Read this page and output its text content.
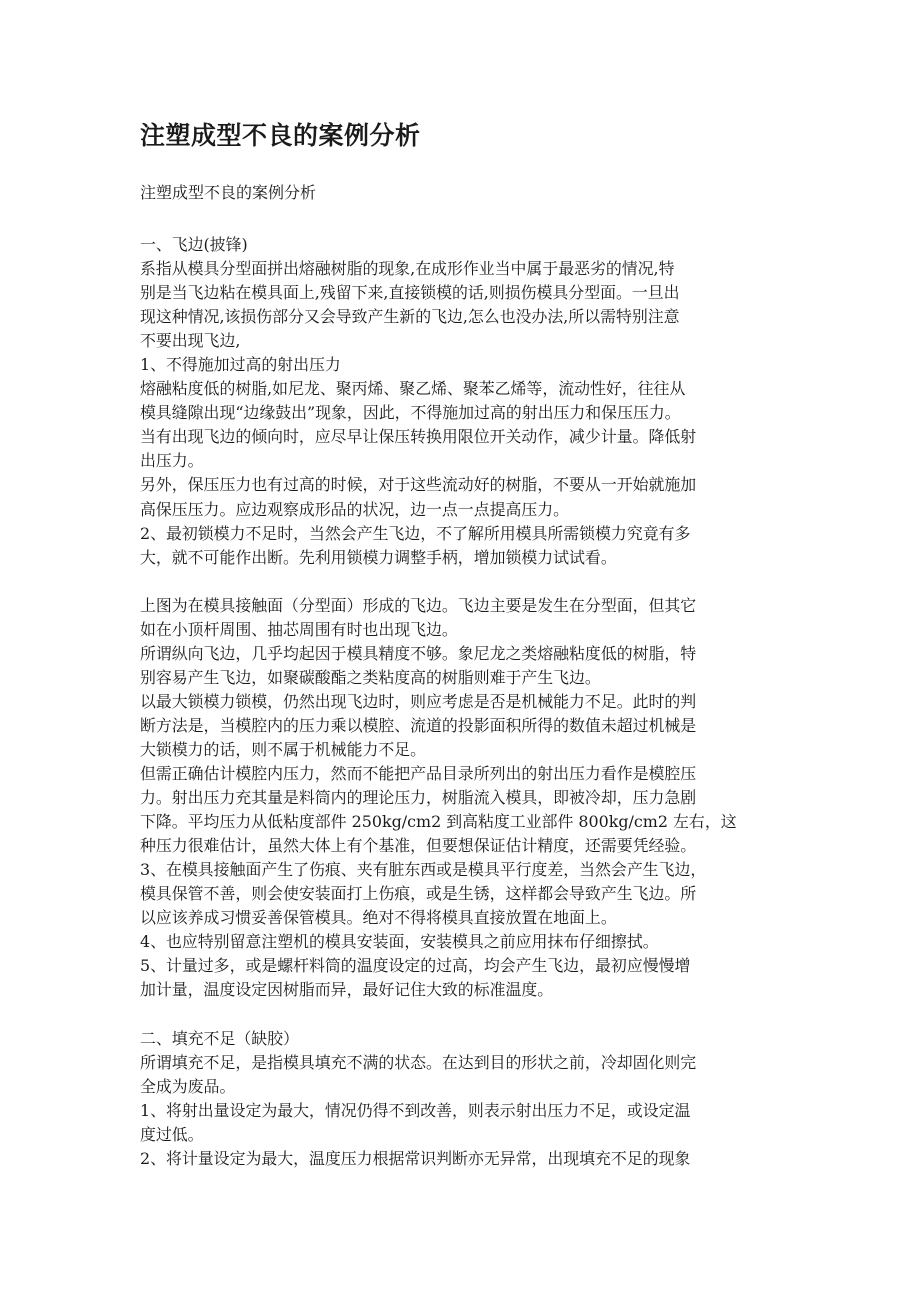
注塑成型不良的案例分析
注塑成型不良的案例分析
一、飞边(披锋)
系指从模具分型面拼出熔融树脂的现象,在成形作业当中属于最恶劣的情况,特
别是当飞边粘在模具面上,残留下来,直接锁模的话,则损伤模具分型面。一旦出
现这种情况,该损伤部分又会导致产生新的飞边,怎么也没办法,所以需特别注意
不要出现飞边,
1、不得施加过高的射出压力
熔融粘度低的树脂,如尼龙、聚丙烯、聚乙烯、聚苯乙烯等，流动性好，往往从
模具缝隙出现“边缘鼓出”现象，因此，不得施加过高的射出压力和保压压力。
当有出现飞边的倾向时，应尽早让保压转换用限位开关动作，减少计量。降低射
出压力。
另外，保压压力也有过高的时候，对于这些流动好的树脂，不要从一开始就施加
高保压压力。应边观察成形品的状况，边一点一点提高压力。
2、最初锁模力不足时，当然会产生飞边，不了解所用模具所需锁模力究竟有多
大，就不可能作出断。先利用锁模力调整手柄，增加锁模力试试看。
上图为在模具接触面（分型面）形成的飞边。飞边主要是发生在分型面，但其它
如在小顶杆周围、抽芯周围有时也出现飞边。
所谓纵向飞边，几乎均起因于模具精度不够。象尼龙之类熔融粘度低的树脂，特
别容易产生飞边，如聚碳酸酯之类粘度高的树脂则难于产生飞边。
以最大锁模力锁模，仍然出现飞边时，则应考虑是否是机械能力不足。此时的判
断方法是，当模腔内的压力乘以模腔、流道的投影面积所得的数值未超过机械是
大锁模力的话，则不属于机械能力不足。
但需正确估计模腔内压力，然而不能把产品目录所列出的射出压力看作是模腔压
力。射出压力充其量是料筒内的理论压力，树脂流入模具，即被冷却，压力急剧
下降。平均压力从低粘度部件 250kg/cm2 到高粘度工业部件 800kg/cm2 左右，这
种压力很难估计，虽然大体上有个基准，但要想保证估计精度，还需要凭经验。
3、在模具接触面产生了伤痕、夹有脏东西或是模具平行度差，当然会产生飞边，
模具保管不善，则会使安装面打上伤痕，或是生锈，这样都会导致产生飞边。所
以应该养成习惯妥善保管模具。绝对不得将模具直接放置在地面上。
4、也应特别留意注塑机的模具安装面，安装模具之前应用抹布仔细擦拭。
5、计量过多，或是螺杆料筒的温度设定的过高，均会产生飞边，最初应慢慢增
加计量，温度设定因树脂而异，最好记住大致的标准温度。
二、填充不足（缺胶）
所谓填充不足，是指模具填充不满的状态。在达到目的形状之前，冷却固化则完
全成为废品。
1、将射出量设定为最大，情况仍得不到改善，则表示射出压力不足，或设定温
度过低。
2、将计量设定为最大，温度压力根据常识判断亦无异常，出现填充不足的现象
